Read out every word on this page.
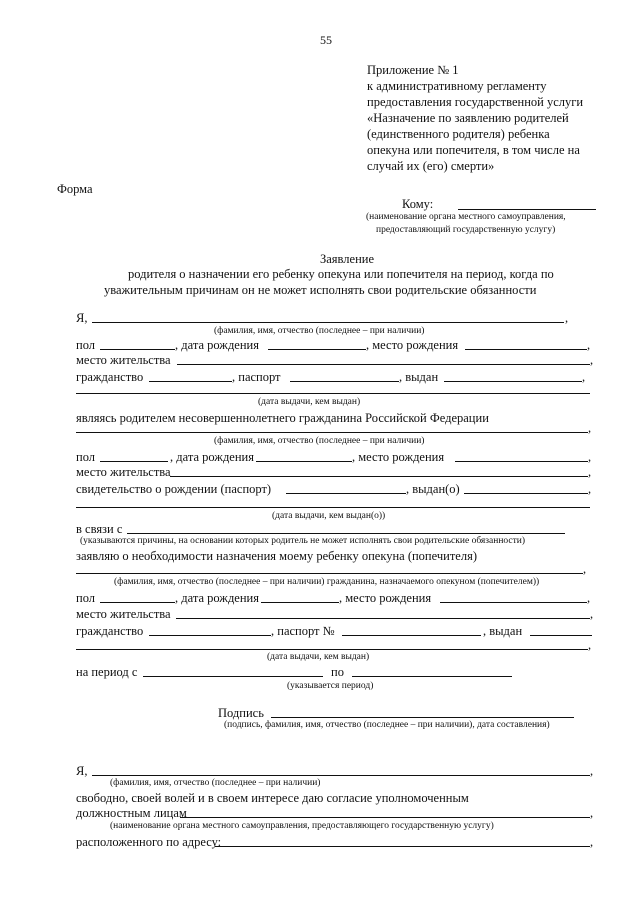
55
Приложение № 1
к административному регламенту
предоставления государственной услуги
«Назначение по заявлению родителей
(единственного родителя) ребенка
опекуна или попечителя, в том числе на
случай их (его) смерти»
Форма
Кому:
(наименование органа местного самоуправления,
предоставляющий государственную услугу)
Заявление
родителя о назначении его ребенку опекуна или попечителя на период, когда по
уважительным причинам он не может исполнять свои родительские обязанности
Я,	,
(фамилия, имя, отчество (последнее – при наличии)
пол	, дата рождения	, место рождения	,
место жительства	,
гражданство	, паспорт	, выдан	,
(дата выдачи, кем выдан)
являясь родителем несовершеннолетнего гражданина Российской Федерации
,
(фамилия, имя, отчество (последнее – при наличии)
пол	, дата рождения	, место рождения	,
место жительства	,
свидетельство о рождении (паспорт)	, выдан(о)	,
(дата выдачи, кем выдан(о))
в связи с
(указываются причины, на основании которых родитель не может исполнять свои родительские обязанности)
заявляю о необходимости назначения моему ребенку опекуна (попечителя)
,
(фамилия, имя, отчество (последнее – при наличии) гражданина, назначаемого опекуном (попечителем))
пол	, дата рождения	, место рождения	,
место жительства	,
гражданство	, паспорт №	, выдан
,
(дата выдачи, кем выдан)
на период с	по
(указывается период)
Подпись
(подпись, фамилия, имя, отчество (последнее – при наличии), дата составления)
Я,	,
(фамилия, имя, отчество (последнее – при наличии)
свободно, своей волей и в своем интересе даю согласие уполномоченным
должностным лицам	,
(наименование органа местного самоуправления, предоставляющего государственную услугу)
расположенного по адресу:	,
